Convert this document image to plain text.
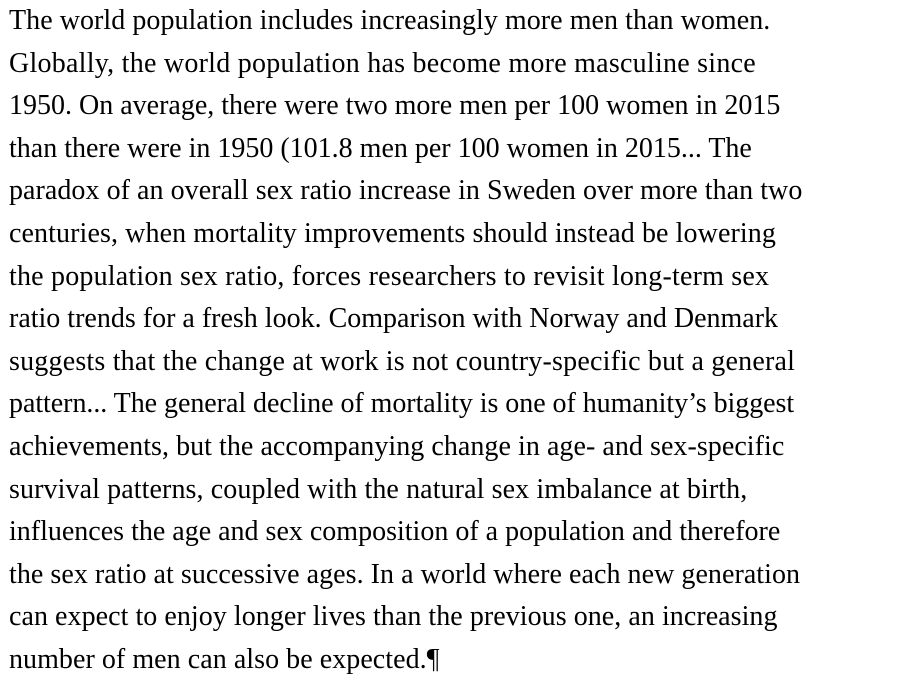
The world population includes increasingly more men than women.
Globally, the world population has become more masculine since
1950. On average, there were two more men per 100 women in 2015
than there were in 1950 (101.8 men per 100 women in 2015... The
paradox of an overall sex ratio increase in Sweden over more than two
centuries, when mortality improvements should instead be lowering
the population sex ratio, forces researchers to revisit long-term sex
ratio trends for a fresh look. Comparison with Norway and Denmark
suggests that the change at work is not country-specific but a general
pattern... The general decline of mortality is one of humanity’s biggest
achievements, but the accompanying change in age- and sex-specific
survival patterns, coupled with the natural sex imbalance at birth,
influences the age and sex composition of a population and therefore
the sex ratio at successive ages. In a world where each new generation
can expect to enjoy longer lives than the previous one, an increasing
number of men can also be expected.¶
